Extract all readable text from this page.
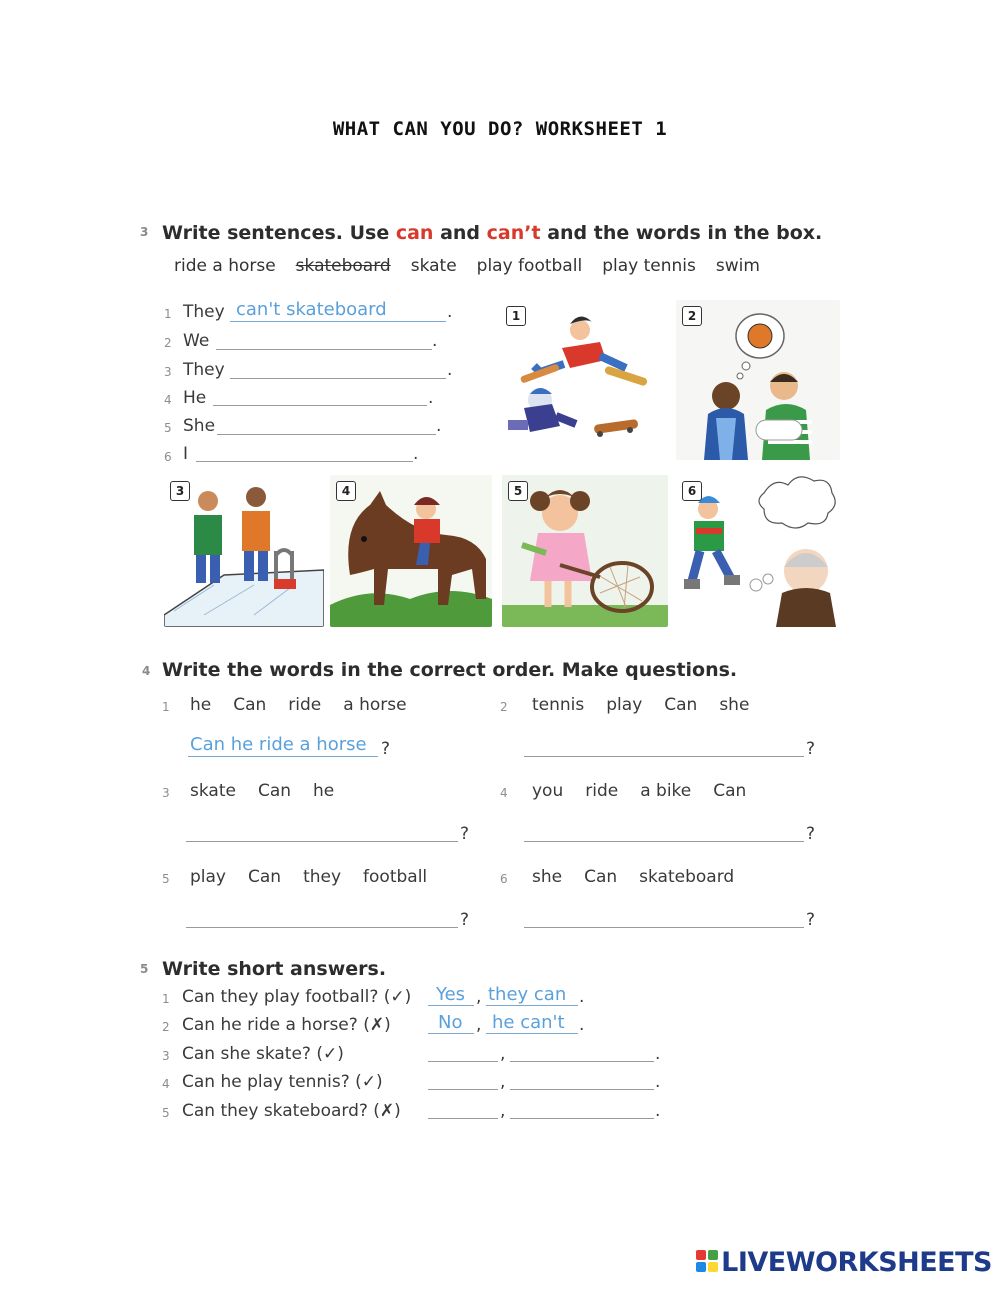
WHAT CAN YOU DO? WORKSHEET 1
3 Write sentences. Use can and can’t and the words in the box.
ride a horse skateboard skate play football play tennis swim
1 They can't skateboard	.
2 We	.
3 They	.
4 He	.
5 She	.
6 I	.
1	2
3	4	5	6
4 Write the words in the correct order. Make questions.
1 he Can ride a horse
Can he ride a horse ?
2 tennis play Can she
?
3 skate Can he
?
4 you ride a bike Can
?
5 play Can they football
?
6 she Can skateboard
?
5 Write short answers.
1 Can they play football? (✓) Yes , they can .
2 Can he ride a horse? (✗)	No , he can't .
3 Can she skate? (✓)	,	.
4 Can he play tennis? (✓)	,	.
5 Can they skateboard? (✗)	,	.
LIVEWORKSHEETS
